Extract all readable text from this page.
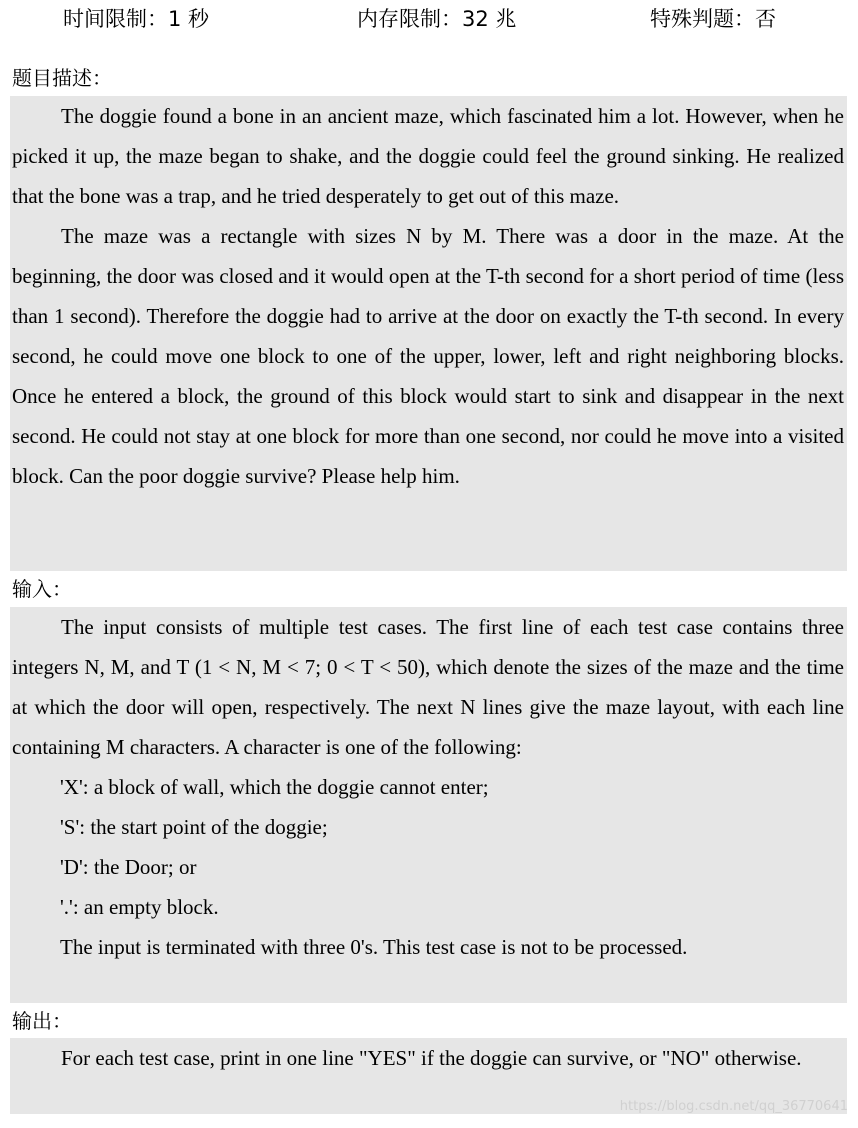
时间限制：1 秒	内存限制：32 兆	特殊判题：否
题目描述：

The doggie found a bone in an ancient maze, which fascinated him a lot. However, when he picked it up, the maze began to shake, and the doggie could feel the ground sinking. He realized that the bone was a trap, and he tried desperately to get out of this maze.

The maze was a rectangle with sizes N by M. There was a door in the maze. At the beginning, the door was closed and it would open at the T-th second for a short period of time (less than 1 second). Therefore the doggie had to arrive at the door on exactly the T-th second. In every second, he could move one block to one of the upper, lower, left and right neighboring blocks. Once he entered a block, the ground of this block would start to sink and disappear in the next second. He could not stay at one block for more than one second, nor could he move into a visited block. Can the poor doggie survive? Please help him.

输入：

The input consists of multiple test cases. The first line of each test case contains three integers N, M, and T (1 < N, M < 7; 0 < T < 50), which denote the sizes of the maze and the time at which the door will open, respectively. The next N lines give the maze layout, with each line containing M characters. A character is one of the following:

'X': a block of wall, which the doggie cannot enter;

'S': the start point of the doggie;

'D': the Door; or

'.': an empty block.

The input is terminated with three 0's. This test case is not to be processed.

输出：

For each test case, print in one line "YES" if the doggie can survive, or "NO" otherwise.

https://blog.csdn.net/qq_36770641
